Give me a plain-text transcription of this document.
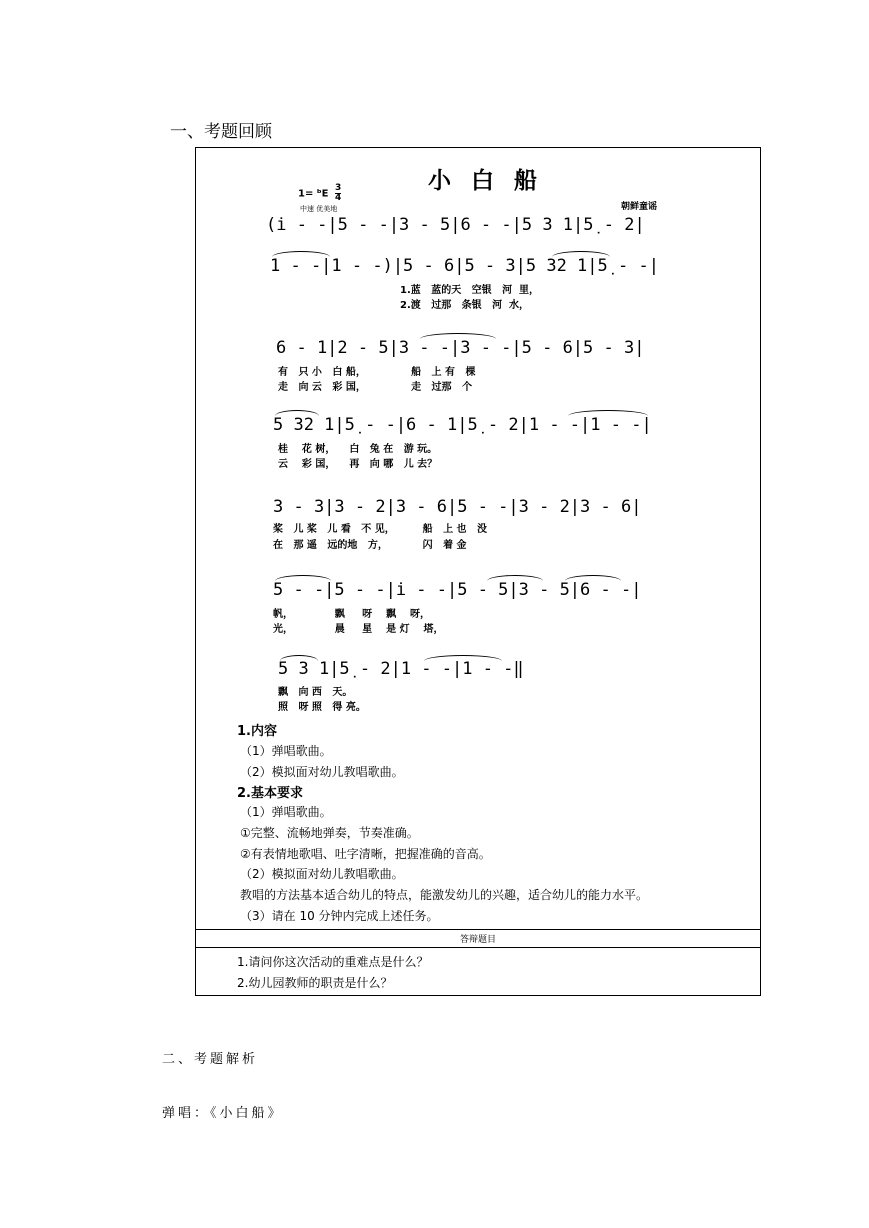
一、考题回顾
小 白 船
1= ᵇE $\frac{3}{4}$
中速 优美地	朝鲜童谣
(i̇ - -|5 - -|3 - 5|6 - -|5 3 1|5̣ - 2|
1 - -|1 - -)|5 - 6|5 - 3|5 32 1|5̣ - -|
1.蓝   蓝的天   空银   河  里，
2.渡   过那   条银   河  水，
6 - 1|2 - 5|3 - -|3 - -|5 - 6|5 - 3|
有   只 小   白 船，             船   上 有   棵
走   向 云   彩 国，             走   过那   个
5 32 1|5̣ - -|6 - 1|5̣ - 2|1 - -|1 - -|
桂    花 树，    白   兔 在   游 玩。
云    彩 国，    再   向 哪   儿 去？
3 - 3|3 - 2|3 - 6|5 - -|3 - 2|3 - 6|
桨   儿 桨   儿 看   不 见，        船   上 也   没
在   那 遥   远的地   方，          闪   着 金
5 - -|5 - -|i̇ - -|5 - 5|3 - 5|6 - -|
帆，            飘     呀    飘    呀，
光，            晨     星    是 灯    塔，
5 3 1|5̣ - 2|1 - -|1 - -‖
飘   向 西   天。
照   呀 照   得 亮。
1.内容
（1）弹唱歌曲。
（2）模拟面对幼儿教唱歌曲。
2.基本要求
（1）弹唱歌曲。
①完整、流畅地弹奏，节奏准确。
②有表情地歌唱、吐字清晰，把握准确的音高。
（2）模拟面对幼儿教唱歌曲。
教唱的方法基本适合幼儿的特点，能激发幼儿的兴趣，适合幼儿的能力水平。
（3）请在 10 分钟内完成上述任务。
答辩题目
1.请问你这次活动的重难点是什么？
2.幼儿园教师的职责是什么？
二、考题解析
弹唱：《小白船》
